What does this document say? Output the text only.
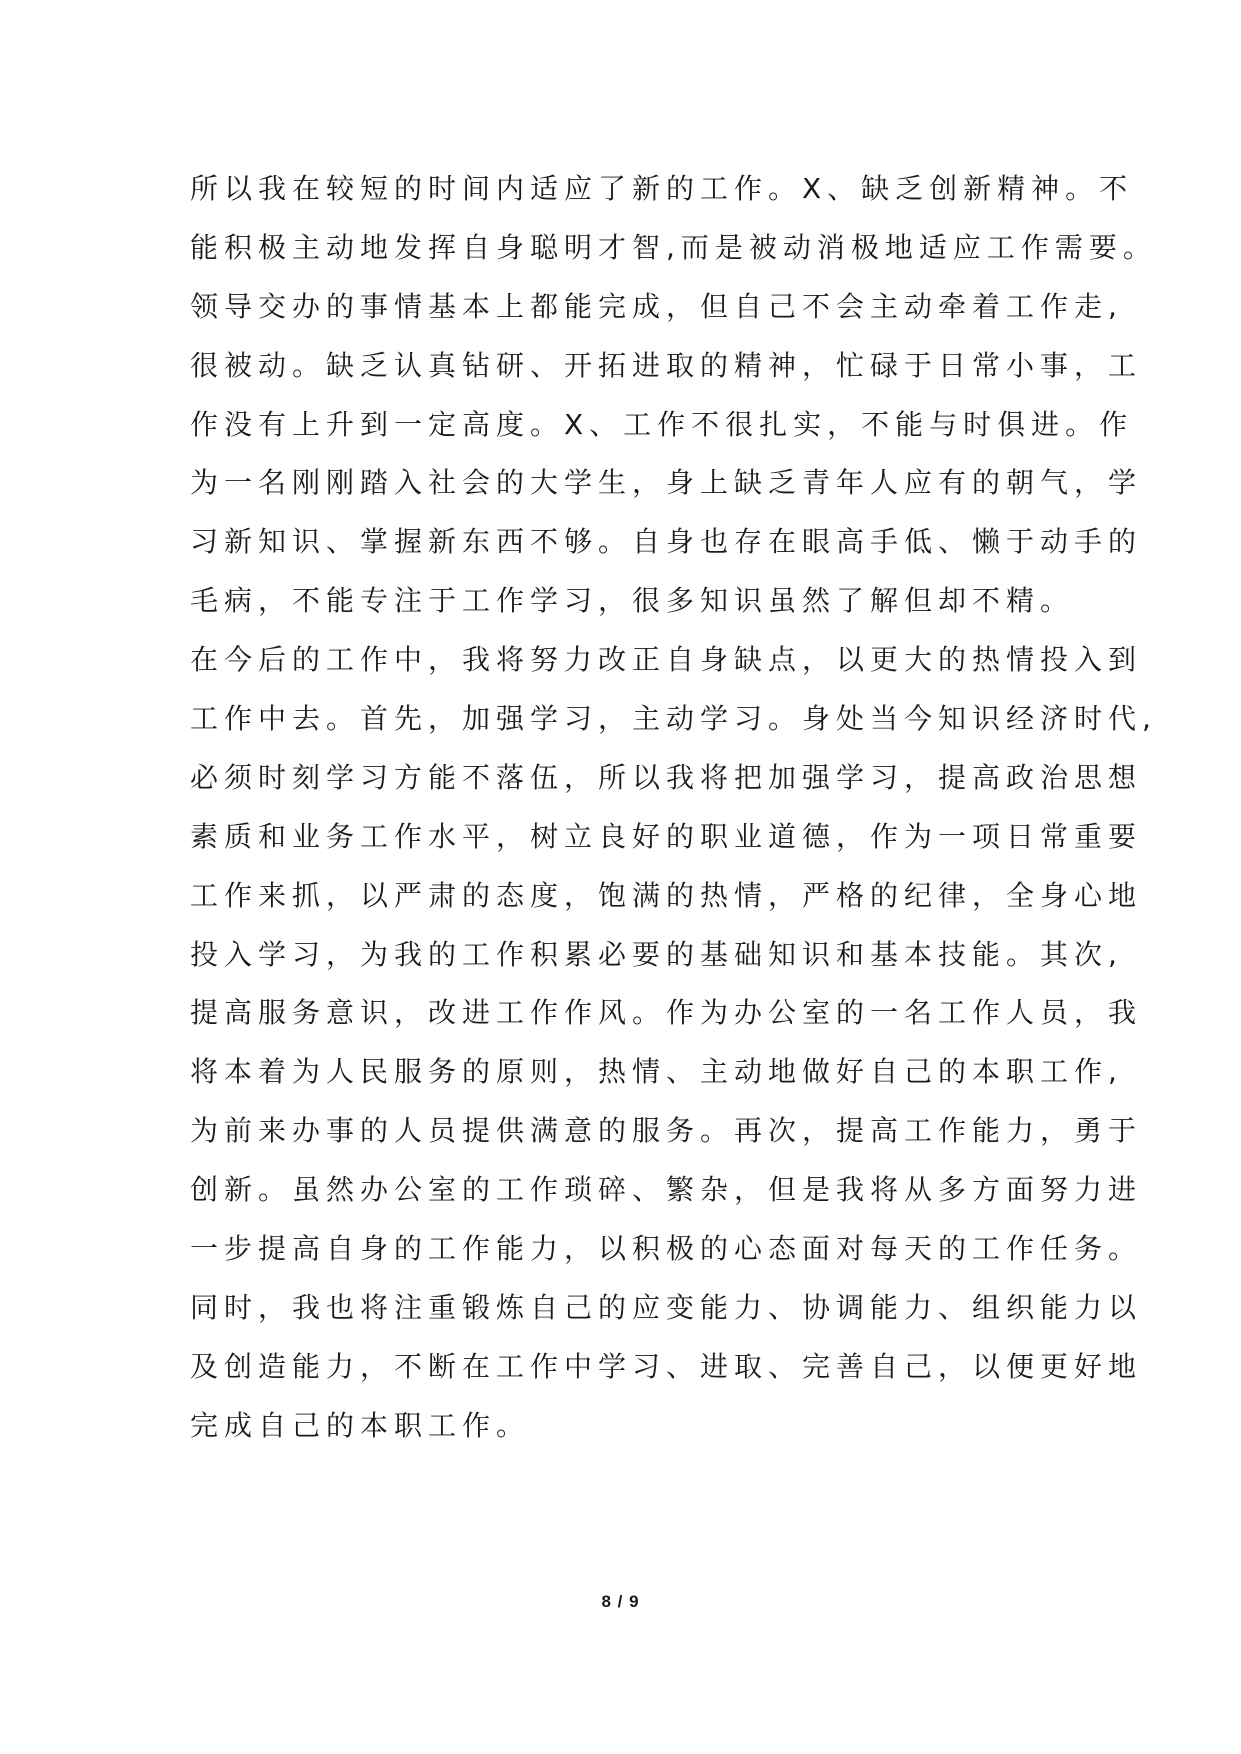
所以我在较短的时间内适应了新的工作。X、缺乏创新精神。不
能积极主动地发挥自身聪明才智,而是被动消极地适应工作需要。
领导交办的事情基本上都能完成，但自己不会主动牵着工作走,
很被动。缺乏认真钻研、开拓进取的精神，忙碌于日常小事，工
作没有上升到一定高度。X、工作不很扎实，不能与时俱进。作
为一名刚刚踏入社会的大学生，身上缺乏青年人应有的朝气，学
习新知识、掌握新东西不够。自身也存在眼高手低、懒于动手的
毛病，不能专注于工作学习，很多知识虽然了解但却不精。
在今后的工作中，我将努力改正自身缺点，以更大的热情投入到
工作中去。首先，加强学习，主动学习。身处当今知识经济时代,
必须时刻学习方能不落伍，所以我将把加强学习，提高政治思想
素质和业务工作水平，树立良好的职业道德，作为一项日常重要
工作来抓，以严肃的态度，饱满的热情，严格的纪律，全身心地
投入学习，为我的工作积累必要的基础知识和基本技能。其次,
提高服务意识，改进工作作风。作为办公室的一名工作人员，我
将本着为人民服务的原则，热情、主动地做好自己的本职工作,
为前来办事的人员提供满意的服务。再次，提高工作能力，勇于
创新。虽然办公室的工作琐碎、繁杂，但是我将从多方面努力进
一步提高自身的工作能力，以积极的心态面对每天的工作任务。
同时，我也将注重锻炼自己的应变能力、协调能力、组织能力以
及创造能力，不断在工作中学习、进取、完善自己，以便更好地
完成自己的本职工作。
8 / 9
